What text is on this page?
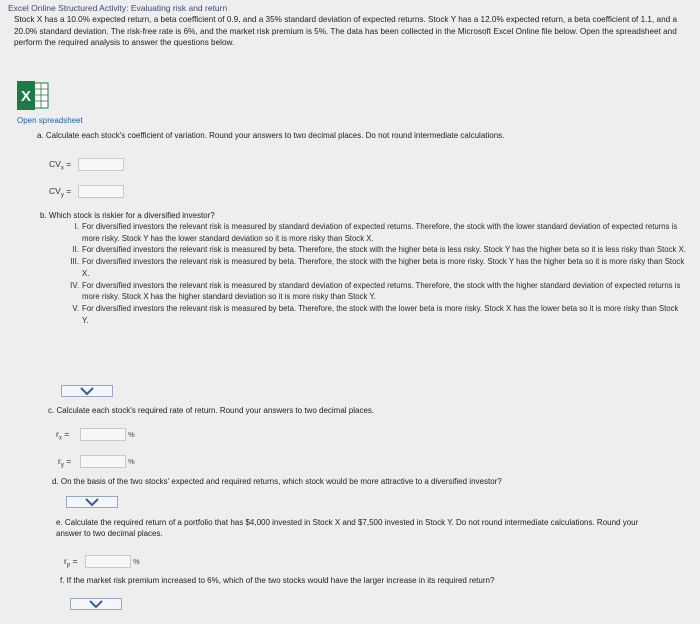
Excel Online Structured Activity: Evaluating risk and return
Stock X has a 10.0% expected return, a beta coefficient of 0.9, and a 35% standard deviation of expected returns. Stock Y has a 12.0% expected return, a beta coefficient of 1.1, and a 20.0% standard deviation. The risk-free rate is 6%, and the market risk premium is 5%. The data has been collected in the Microsoft Excel Online file below. Open the spreadsheet and perform the required analysis to answer the questions below.
X
Open spreadsheet
a. Calculate each stock's coefficient of variation. Round your answers to two decimal places. Do not round intermediate calculations.
$CV_x$ =
$CV_y$ =
b. Which stock is riskier for a diversified investor?
I. For diversified investors the relevant risk is measured by standard deviation of expected returns. Therefore, the stock with the lower standard deviation of expected returns is more risky. Stock Y has the lower standard deviation so it is more risky than Stock X.
II. For diversified investors the relevant risk is measured by beta. Therefore, the stock with the higher beta is less risky. Stock Y has the higher beta so it is less risky than Stock X.
III. For diversified investors the relevant risk is measured by beta. Therefore, the stock with the higher beta is more risky. Stock Y has the higher beta so it is more risky than Stock X.
IV. For diversified investors the relevant risk is measured by standard deviation of expected returns. Therefore, the stock with the higher standard deviation of expected returns is more risky. Stock X has the higher standard deviation so it is more risky than Stock Y.
V. For diversified investors the relevant risk is measured by beta. Therefore, the stock with the lower beta is more risky. Stock X has the lower beta so it is more risky than Stock Y.
c. Calculate each stock's required rate of return. Round your answers to two decimal places.
$r_x$ =	%
$r_y$ =	%
d. On the basis of the two stocks' expected and required returns, which stock would be more attractive to a diversified investor?
e. Calculate the required return of a portfolio that has $4,000 invested in Stock X and $7,500 invested in Stock Y. Do not round intermediate calculations. Round your answer to two decimal places.
$r_p$ =	%
f. If the market risk premium increased to 6%, which of the two stocks would have the larger increase in its required return?
